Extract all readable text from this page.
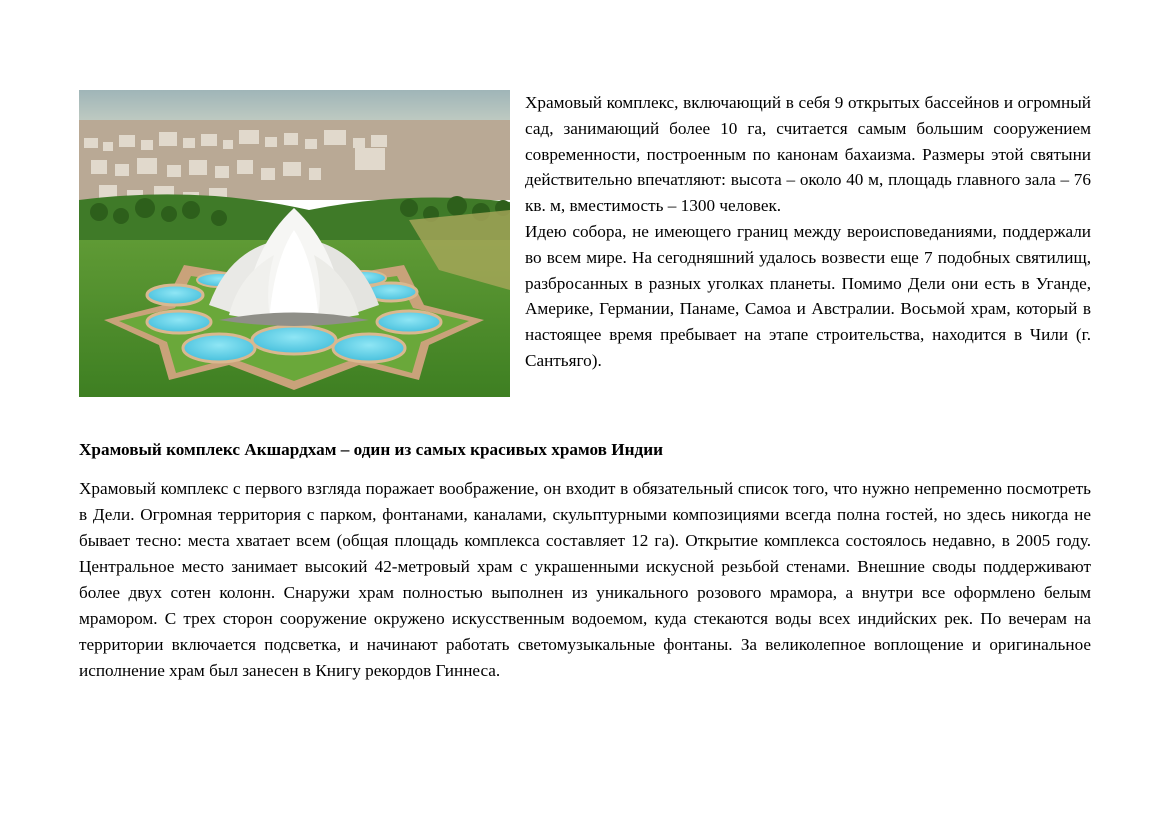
Храмовый комплекс, включающий в себя 9 открытых бассейнов и огромный сад, занимающий более 10 га, считается самым большим сооружением современности, построенным по канонам бахаизма. Размеры этой святыни действительно впечатляют: высота – около 40 м, площадь главного зала – 76 кв. м, вместимость – 1300 человек.

Идею собора, не имеющего границ между вероисповеданиями, поддержали во всем мире. На сегодняшний удалось возвести еще 7 подобных святилищ, разбросанных в разных уголках планеты. Помимо Дели они есть в Уганде, Америке, Германии, Панаме, Самоа и Австралии. Восьмой храм, который в настоящее время пребывает на этапе строительства, находится в Чили (г. Сантьяго).

Храмовый комплекс Акшардхам – один из самых красивых храмов Индии

Храмовый комплекс с первого взгляда поражает воображение, он входит в обязательный список того, что нужно непременно посмотреть в Дели. Огромная территория с парком, фонтанами, каналами, скульптурными композициями всегда полна гостей, но здесь никогда не бывает тесно: места хватает всем (общая площадь комплекса составляет 12 га). Открытие комплекса состоялось недавно, в 2005 году. Центральное место занимает высокий 42-метровый храм с украшенными искусной резьбой стенами. Внешние своды поддерживают более двух сотен колонн. Снаружи храм полностью выполнен из уникального розового мрамора, а внутри все оформлено белым мрамором. С трех сторон сооружение окружено искусственным водоемом, куда стекаются воды всех индийских рек. По вечерам на территории включается подсветка, и начинают работать светомузыкальные фонтаны. За великолепное воплощение и оригинальное исполнение храм был занесен в Книгу рекордов Гиннеса.
